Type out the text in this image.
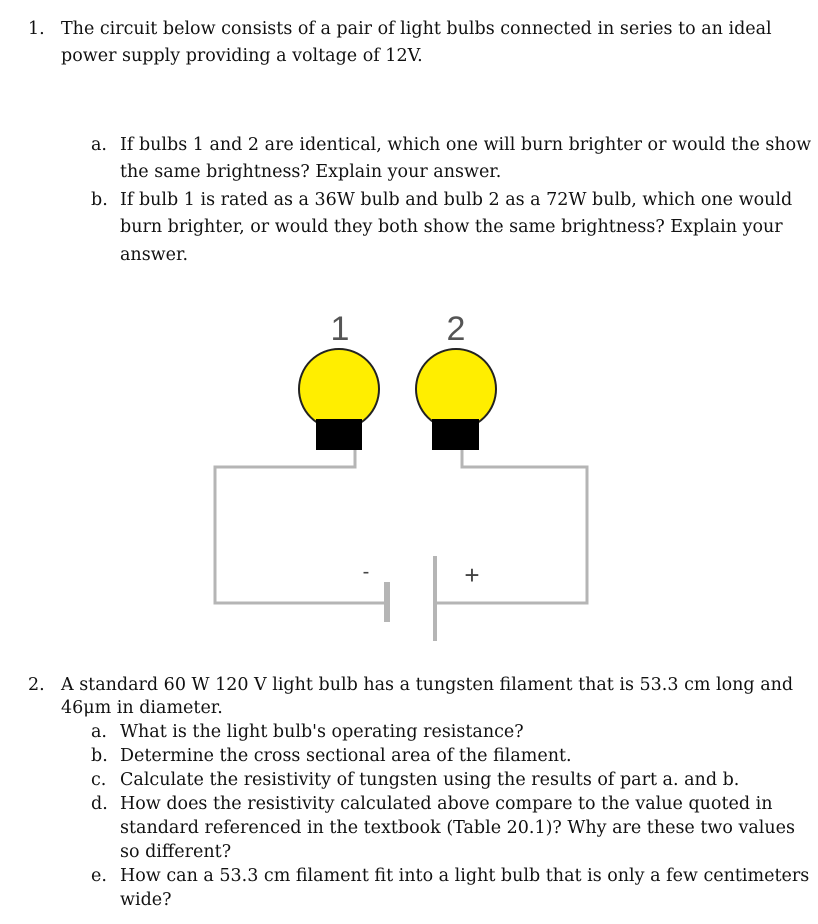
1. The circuit below consists of a pair of light bulbs connected in series to an ideal
power supply providing a voltage of 12V.
a. If bulbs 1 and 2 are identical, which one will burn brighter or would the show
the same brightness? Explain your answer.
b. If bulb 1 is rated as a 36W bulb and bulb 2 as a 72W bulb, which one would
burn brighter, or would they both show the same brightness? Explain your
answer.
-	+
1	2
2. A standard 60 W 120 V light bulb has a tungsten filament that is 53.3 cm long and
46μm in diameter.
a. What is the light bulb's operating resistance?
b. Determine the cross sectional area of the filament.
c. Calculate the resistivity of tungsten using the results of part a. and b.
d. How does the resistivity calculated above compare to the value quoted in
standard referenced in the textbook (Table 20.1)? Why are these two values
so different?
e. How can a 53.3 cm filament fit into a light bulb that is only a few centimeters
wide?
